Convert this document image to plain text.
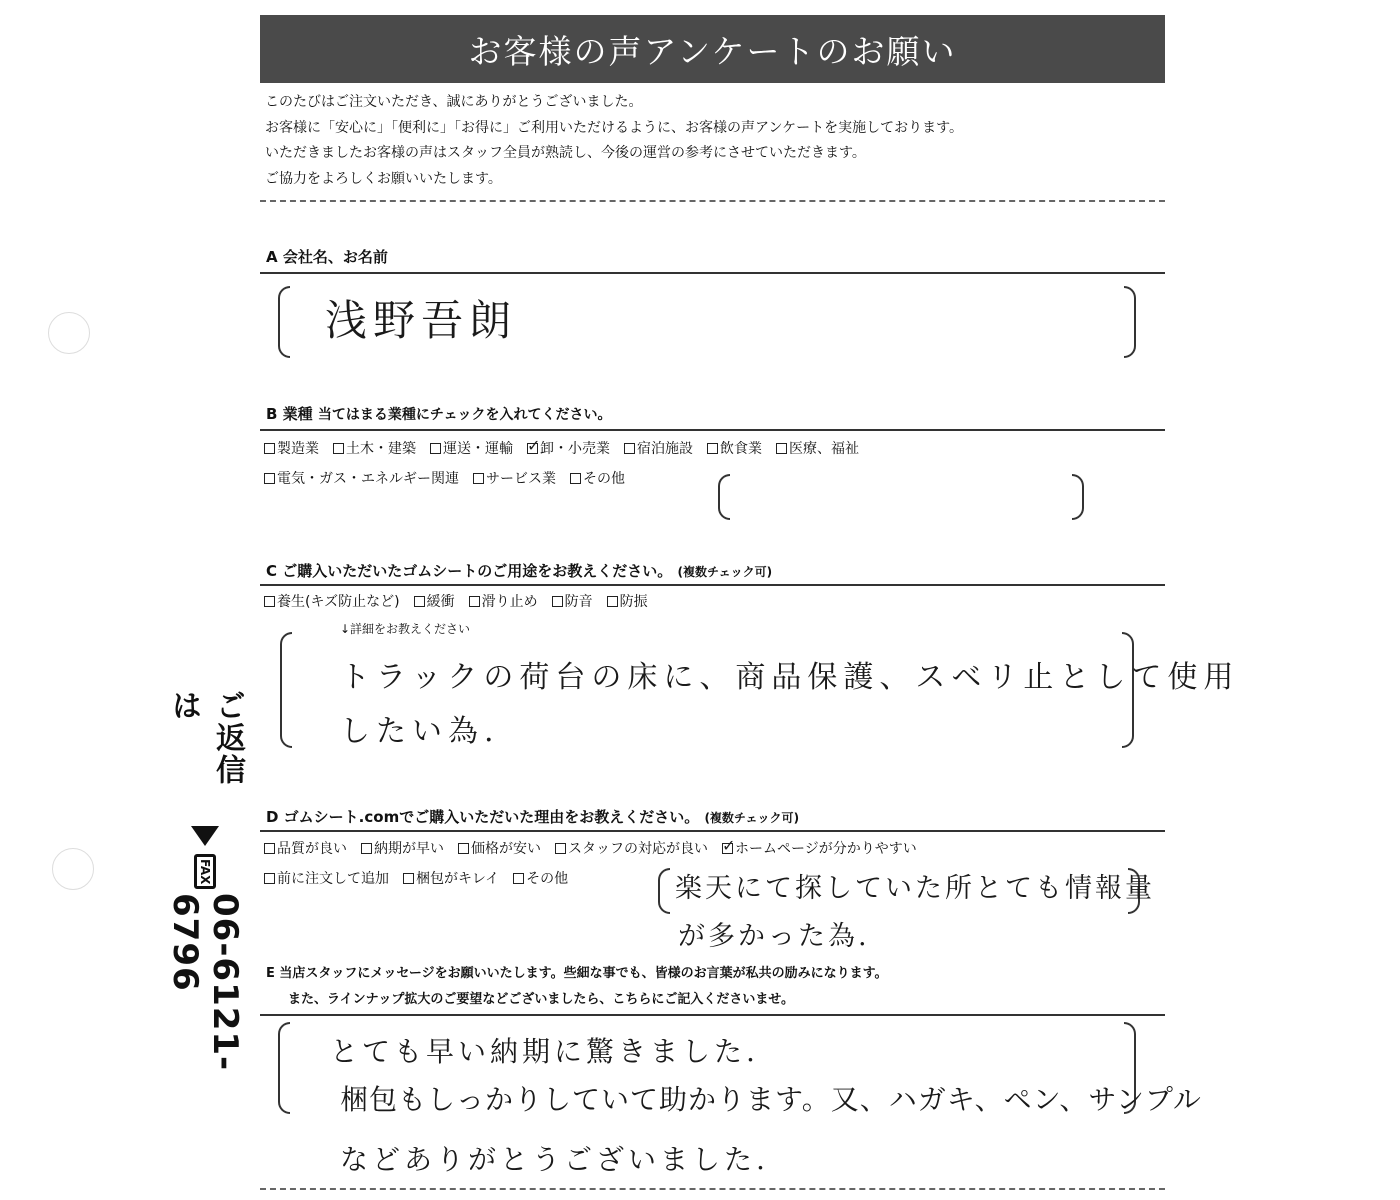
お客様の声アンケートのお願い
このたびはご注文いただき、誠にありがとうございました。
お客様に「安心に」「便利に」「お得に」ご利用いただけるように、お客様の声アンケートを実施しております。
いただきましたお客様の声はスタッフ全員が熟読し、今後の運営の参考にさせていただきます。
ご協力をよろしくお願いいたします。
A 会社名、お名前
浅野吾朗
B 業種 当てはまる業種にチェックを入れてください。
製造業 土木・建築 運送・運輸 ✓ 卸・小売業 宿泊施設 飲食業 医療、福祉
電気・ガス・エネルギー関連 サービス業 その他
C ご購入いただいたゴムシートのご用途をお教えください。 (複数チェック可)
養生(キズ防止など) 緩衝 滑り止め 防音 防振
↓詳細をお教えください
トラックの荷台の床に、商品保護、スベリ止として使用
したい為.
D ゴムシート.comでご購入いただいた理由をお教えください。 (複数チェック可)
品質が良い 納期が早い 価格が安い スタッフの対応が良い ✓ ホームページが分かりやすい
前に注文して追加 梱包がキレイ その他	楽天にて探していた所とても情報量
が多かった為.
E 当店スタッフにメッセージをお願いいたします。些細な事でも、皆様のお言葉が私共の励みになります。
また、ラインナップ拡大のご要望などございましたら、こちらにご記入くださいませ。
とても早い納期に驚きました.
梱包もしっかりしていて助かります。又、ハガキ、ペン、サンプル
などありがとうございました.
ご返信は
FAX
06-6121-6796
